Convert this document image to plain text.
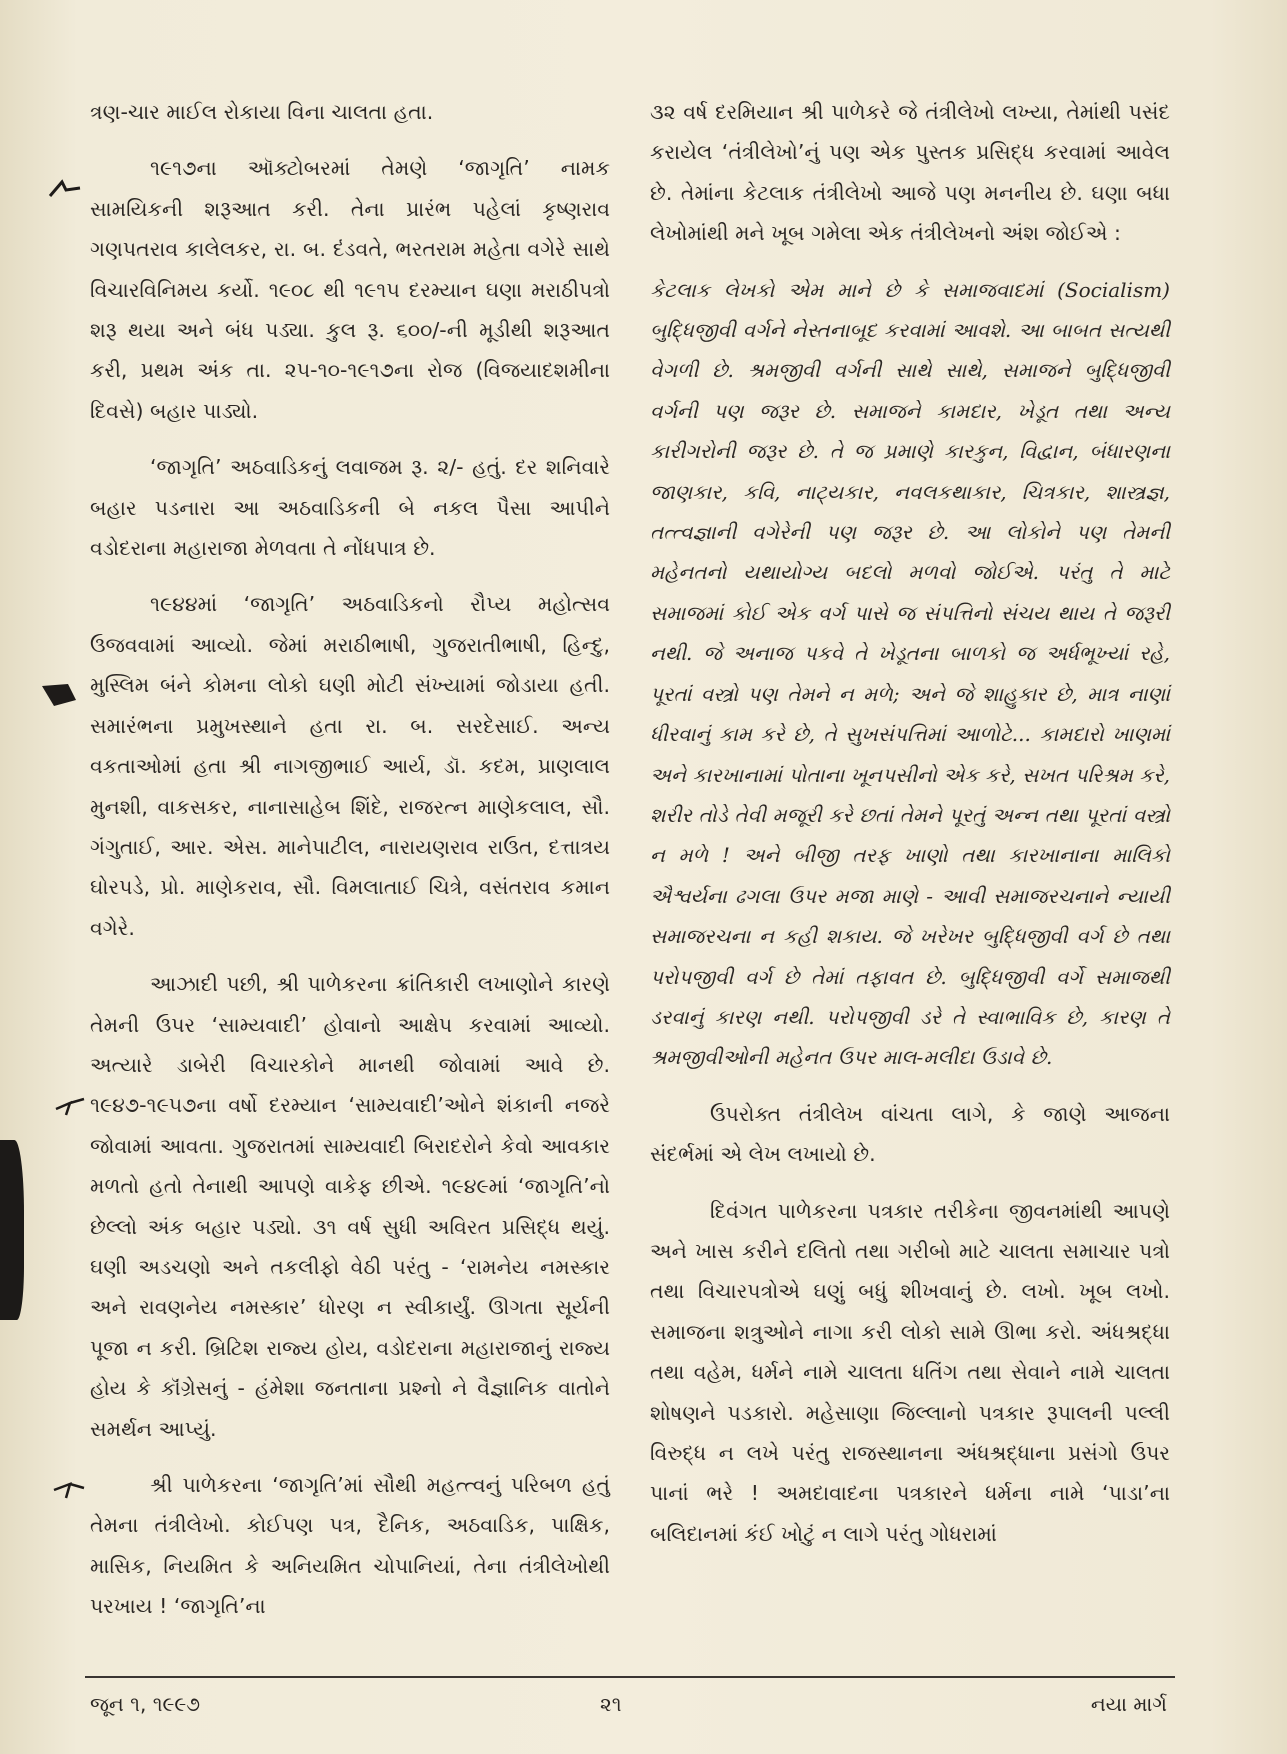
ત્રણ-ચાર માઈલ રોકાયા વિના ચાલતા હતા.

૧૯૧૭ના ઑક્ટોબરમાં તેમણે ‘જાગૃતિ’ નામક સામયિકની શરૂઆત કરી. તેના પ્રારંભ પહેલાં કૃષ્ણરાવ ગણપતરાવ કાલેલકર, રા. બ. દંડવતે, ભરતરામ મહેતા વગેરે સાથે વિચારવિનિમય કર્યો. ૧૯૦૮ થી ૧૯૧૫ દરમ્યાન ઘણા મરાઠીપત્રો શરૂ થયા અને બંધ પડ્યા. કુલ રૂ. ૬૦૦/-ની મૂડીથી શરૂઆત કરી, પ્રથમ અંક તા. ૨૫-૧૦-૧૯૧૭ના રોજ (વિજયાદશમીના દિવસે) બહાર પાડ્યો.

‘જાગૃતિ’ અઠવાડિકનું લવાજમ રૂ. ૨/- હતું. દર શનિવારે બહાર પડનારા આ અઠવાડિકની બે નકલ પૈસા આપીને વડોદરાના મહારાજા મેળવતા તે નોંધપાત્ર છે.

૧૯૪૪માં ‘જાગૃતિ’ અઠવાડિકનો રૌપ્ય મહોત્સવ ઉજવવામાં આવ્યો. જેમાં મરાઠીભાષી, ગુજરાતીભાષી, હિન્દુ, મુસ્લિમ બંને કોમના લોકો ઘણી મોટી સંખ્યામાં જોડાયા હતી. સમારંભના પ્રમુખસ્થાને હતા રા. બ. સરદેસાઈ. અન્ય વકતાઓમાં હતા શ્રી નાગજીભાઈ આર્ય, ડૉ. કદમ, પ્રાણલાલ મુનશી, વાકસકર, નાનાસાહેબ શિંદે, રાજરત્ન માણેકલાલ, સૌ. ગંગુતાઈ, આર. એસ. માનેપાટીલ, નારાયણરાવ રાઉત, દત્તાત્રય ઘોરપડે, પ્રો. માણેકરાવ, સૌ. વિમલાતાઈ ચિત્રે, વસંતરાવ કમાન વગેરે.

આઝાદી પછી, શ્રી પાળેકરના ક્રાંતિકારી લખાણોને કારણે તેમની ઉપર ‘સામ્યવાદી’ હોવાનો આક્ષેપ કરવામાં આવ્યો. અત્યારે ડાબેરી વિચારકોને માનથી જોવામાં આવે છે. ૧૯૪૭-૧૯૫૭ના વર્ષો દરમ્યાન ‘સામ્યવાદી’ઓને શંકાની નજરે જોવામાં આવતા. ગુજરાતમાં સામ્યવાદી બિરાદરોને કેવો આવકાર મળતો હતો તેનાથી આપણે વાકેફ છીએ. ૧૯૪૯માં ‘જાગૃતિ’નો છેલ્લો અંક બહાર પડ્યો. ૩૧ વર્ષ સુધી અવિરત પ્રસિદ્ધ થયું. ઘણી અડચણો અને તકલીફો વેઠી પરંતુ - ‘રામનેય નમસ્કાર અને રાવણનેય નમસ્કાર’ ધોરણ ન સ્વીકાર્યું. ઊગતા સૂર્યની પૂજા ન કરી. બ્રિટિશ રાજ્ય હોય, વડોદરાના મહારાજાનું રાજ્ય હોય કે કૉંગ્રેસનું - હંમેશા જનતાના પ્રશ્નો ને વૈજ્ઞાનિક વાતોને સમર્થન આપ્યું.

શ્રી પાળેકરના ‘જાગૃતિ’માં સૌથી મહત્ત્વનું પરિબળ હતું તેમના તંત્રીલેખો. કોઈપણ પત્ર, દૈનિક, અઠવાડિક, પાક્ષિક, માસિક, નિયમિત કે અનિયમિત ચોપાનિયાં, તેના તંત્રીલેખોથી પરખાય ! ‘જાગૃતિ’ના

૩૨ વર્ષ દરમિયાન શ્રી પાળેકરે જે તંત્રીલેખો લખ્યા, તેમાંથી પસંદ કરાયેલ ‘તંત્રીલેખો’નું પણ એક પુસ્તક પ્રસિદ્ધ કરવામાં આવેલ છે. તેમાંના કેટલાક તંત્રીલેખો આજે પણ મનનીય છે. ઘણા બધા લેખોમાંથી મને ખૂબ ગમેલા એક તંત્રીલેખનો અંશ જોઈએ :

કેટલાક લેખકો એમ માને છે કે સમાજવાદમાં (Socialism) બુદ્ધિજીવી વર્ગને નેસ્તનાબૂદ કરવામાં આવશે. આ બાબત સત્યથી વેગળી છે. શ્રમજીવી વર્ગની સાથે સાથે, સમાજને બુદ્ધિજીવી વર્ગની પણ જરૂર છે. સમાજને કામદાર, ખેડૂત તથા અન્ય કારીગરોની જરૂર છે. તે જ પ્રમાણે કારકુન, વિદ્વાન, બંધારણના જાણકાર, કવિ, નાટ્યકાર, નવલકથાકાર, ચિત્રકાર, શાસ્ત્રજ્ઞ, તત્ત્વજ્ઞાની વગેરેની પણ જરૂર છે. આ લોકોને પણ તેમની મહેનતનો યથાયોગ્ય બદલો મળવો જોઈએ. પરંતુ તે માટે સમાજમાં કોઈ એક વર્ગ પાસે જ સંપત્તિનો સંચય થાય તે જરૂરી નથી. જે અનાજ પકવે તે ખેડૂતના બાળકો જ અર્ધભૂખ્યાં રહે, પૂરતાં વસ્ત્રો પણ તેમને ન મળે; અને જે શાહુકાર છે, માત્ર નાણાં ધીરવાનું કામ કરે છે, તે સુખસંપત્તિમાં આળોટે... કામદારો ખાણમાં અને કારખાનામાં પોતાના ખૂનપસીનો એક કરે, સખત પરિશ્રમ કરે, શરીર તોડે તેવી મજૂરી કરે છતાં તેમને પૂરતું અન્ન તથા પૂરતાં વસ્ત્રો ન મળે ! અને બીજી તરફ ખાણો તથા કારખાનાના માલિકો ઐશ્વર્યના ઢગલા ઉપર મજા માણે - આવી સમાજરચનાને ન્યાયી સમાજરચના ન કહી શકાય. જે ખરેખર બુદ્ધિજીવી વર્ગ છે તથા પરોપજીવી વર્ગ છે તેમાં તફાવત છે. બુદ્ધિજીવી વર્ગે સમાજથી ડરવાનું કારણ નથી. પરોપજીવી ડરે તે સ્વાભાવિક છે, કારણ તે શ્રમજીવીઓની મહેનત ઉપર માલ-મલીદા ઉડાવે છે.

ઉપરોક્ત તંત્રીલેખ વાંચતા લાગે, કે જાણે આજના સંદર્ભમાં એ લેખ લખાયો છે.

દિવંગત પાળેકરના પત્રકાર તરીકેના જીવનમાંથી આપણે અને ખાસ કરીને દલિતો તથા ગરીબો માટે ચાલતા સમાચાર પત્રો તથા વિચારપત્રોએ ઘણું બધું શીખવાનું છે. લખો. ખૂબ લખો. સમાજના શત્રુઓને નાગા કરી લોકો સામે ઊભા કરો. અંધશ્રદ્ધા તથા વહેમ, ધર્મને નામે ચાલતા ધતિંગ તથા સેવાને નામે ચાલતા શોષણને પડકારો. મહેસાણા જિલ્લાનો પત્રકાર રૂપાલની પલ્લી વિરુદ્ધ ન લખે પરંતુ રાજસ્થાનના અંધશ્રદ્ધાના પ્રસંગો ઉપર પાનાં ભરે ! અમદાવાદના પત્રકારને ધર્મના નામે ‘પાડા’ના બલિદાનમાં કંઈ ખોટું ન લાગે પરંતુ ગોધરામાં

જૂન ૧, ૧૯૯૭	૨૧	નયા માર્ગ
